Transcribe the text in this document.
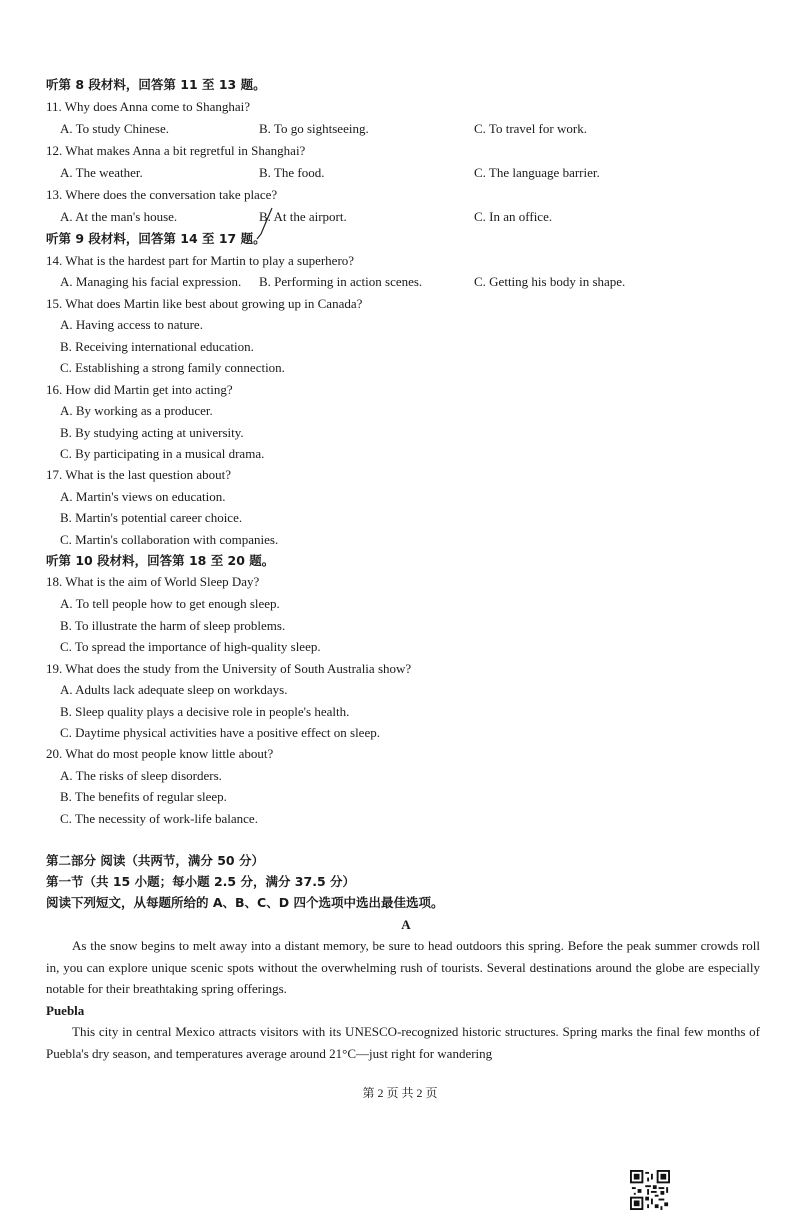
听第 8 段材料，回答第 11 至 13 题。
11. Why does Anna come to Shanghai?
A. To study Chinese.	B. To go sightseeing.	C. To travel for work.
12. What makes Anna a bit regretful in Shanghai?
A. The weather.	B. The food.	C. The language barrier.
13. Where does the conversation take place?
A. At the man's house.	B. At the airport.	C. In an office.
听第 9 段材料，回答第 14 至 17 题。
14. What is the hardest part for Martin to play a superhero?
A. Managing his facial expression. B. Performing in action scenes.	C. Getting his body in shape.
15. What does Martin like best about growing up in Canada?
A. Having access to nature.
B. Receiving international education.
C. Establishing a strong family connection.
16. How did Martin get into acting?
A. By working as a producer.
B. By studying acting at university.
C. By participating in a musical drama.
17. What is the last question about?
A. Martin's views on education.
B. Martin's potential career choice.
C. Martin's collaboration with companies.
听第 10 段材料，回答第 18 至 20 题。
18. What is the aim of World Sleep Day?
A. To tell people how to get enough sleep.
B. To illustrate the harm of sleep problems.
C. To spread the importance of high-quality sleep.
19. What does the study from the University of South Australia show?
A. Adults lack adequate sleep on workdays.
B. Sleep quality plays a decisive role in people's health.
C. Daytime physical activities have a positive effect on sleep.
20. What do most people know little about?
A. The risks of sleep disorders.
B. The benefits of regular sleep.
C. The necessity of work-life balance.
第二部分 阅读（共两节，满分 50 分）
第一节（共 15 小题；每小题 2.5 分，满分 37.5 分）
阅读下列短文，从每题所给的 A、B、C、D 四个选项中选出最佳选项。
A

As the snow begins to melt away into a distant memory, be sure to head outdoors this spring. Before the peak summer crowds roll in, you can explore unique scenic spots without the overwhelming rush of tourists. Several destinations around the globe are especially notable for their breathtaking spring offerings.

Puebla

This city in central Mexico attracts visitors with its UNESCO-recognized historic structures. Spring marks the final few months of Puebla's dry season, and temperatures average around 21°C—just right for wandering

第 2 页 共 2 页
